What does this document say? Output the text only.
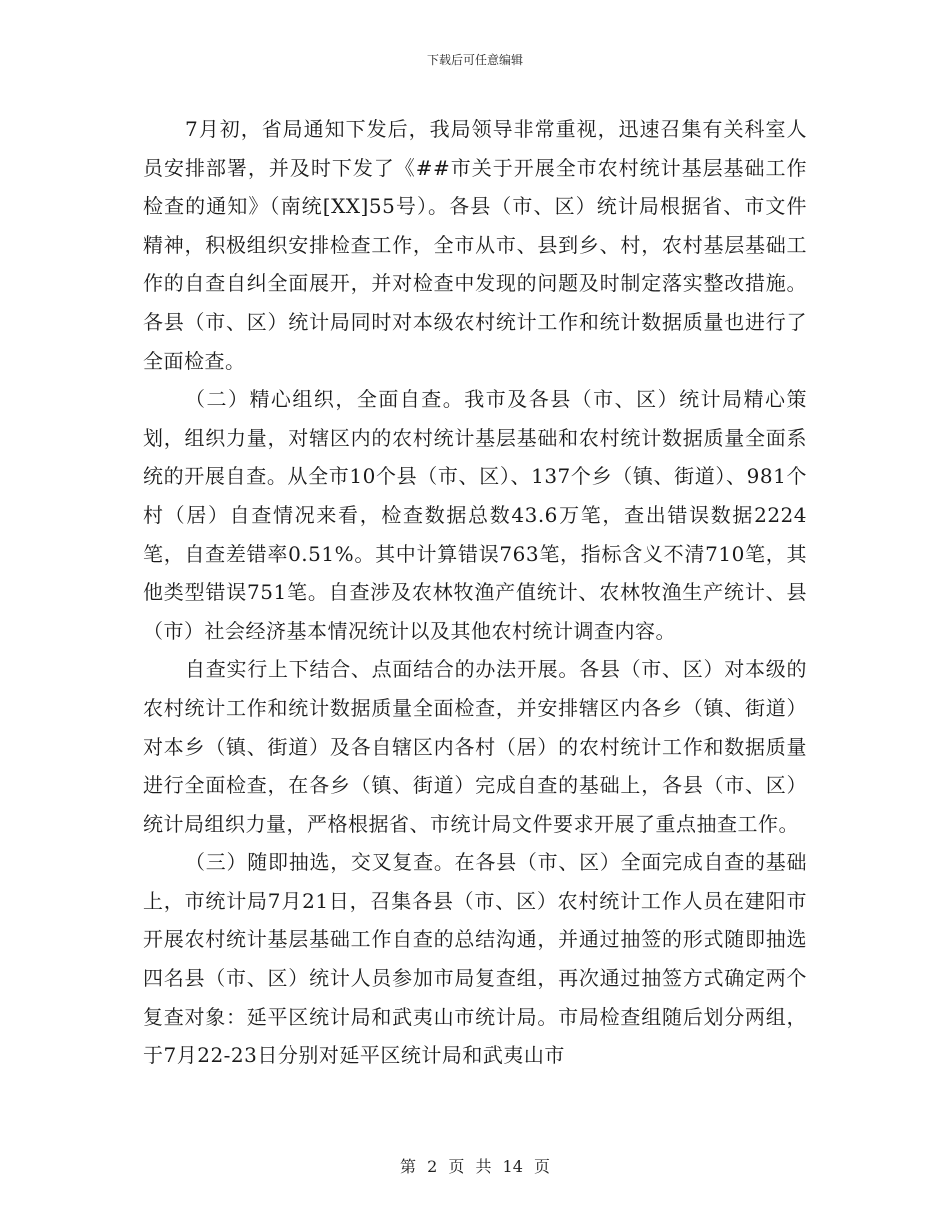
下载后可任意编辑

7月初，省局通知下发后，我局领导非常重视，迅速召集有关科室人员安排部署，并及时下发了《##市关于开展全市农村统计基层基础工作检查的通知》（南统[XX]55号）。各县（市、区）统计局根据省、市文件精神，积极组织安排检查工作，全市从市、县到乡、村，农村基层基础工作的自查自纠全面展开，并对检查中发现的问题及时制定落实整改措施。各县（市、区）统计局同时对本级农村统计工作和统计数据质量也进行了全面检查。

（二）精心组织，全面自查。我市及各县（市、区）统计局精心策划，组织力量，对辖区内的农村统计基层基础和农村统计数据质量全面系统的开展自查。从全市10个县（市、区）、137个乡（镇、街道）、981个村（居）自查情况来看，检查数据总数43.6万笔，查出错误数据2224笔，自查差错率0.51%。其中计算错误763笔，指标含义不清710笔，其他类型错误751笔。自查涉及农林牧渔产值统计、农林牧渔生产统计、县（市）社会经济基本情况统计以及其他农村统计调查内容。

自查实行上下结合、点面结合的办法开展。各县（市、区）对本级的农村统计工作和统计数据质量全面检查，并安排辖区内各乡（镇、街道）对本乡（镇、街道）及各自辖区内各村（居）的农村统计工作和数据质量进行全面检查，在各乡（镇、街道）完成自查的基础上，各县（市、区）统计局组织力量，严格根据省、市统计局文件要求开展了重点抽查工作。

（三）随即抽选，交叉复查。在各县（市、区）全面完成自查的基础上，市统计局7月21日，召集各县（市、区）农村统计工作人员在建阳市开展农村统计基层基础工作自查的总结沟通，并通过抽签的形式随即抽选四名县（市、区）统计人员参加市局复查组，再次通过抽签方式确定两个复查对象：延平区统计局和武夷山市统计局。市局检查组随后划分两组，于7月22-23日分别对延平区统计局和武夷山市

第 2 页 共 14 页
